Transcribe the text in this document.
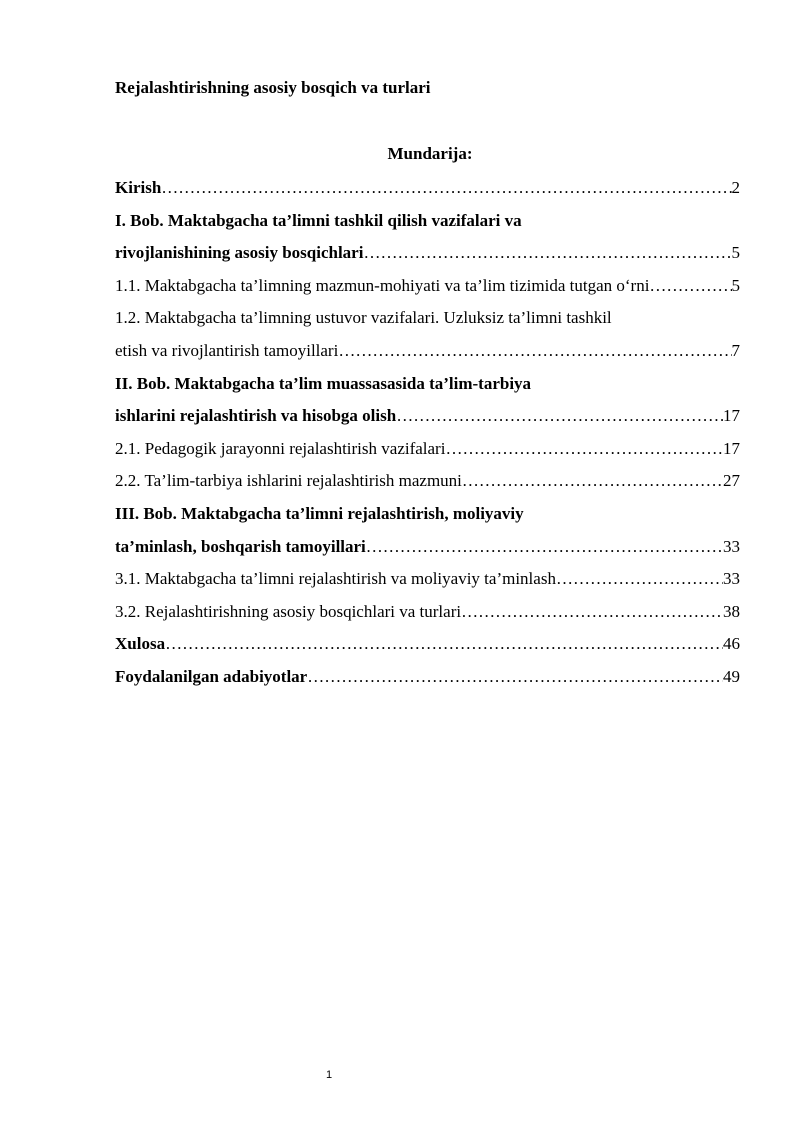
Rejalashtirishning asosiy bosqich va turlari
Mundarija:
Kirish …………………………………………………………………………………………………………………………………………………………………………………………………………	2
I. Bob. Maktabgacha ta’limni tashkil qilish vazifalari va
rivojlanishining asosiy bosqichlari …………………………………………………………………………………………………………………………………………………………………………………………………………	5
1.1. Maktabgacha ta’limning mazmun-mohiyati va ta’lim tizimida tutgan o‘rni …………………………………………………………………………………………………………………………………………………………………………………………………………	5
1.2. Maktabgacha ta’limning ustuvor vazifalari. Uzluksiz ta’limni tashkil
etish va rivojlantirish tamoyillari …………………………………………………………………………………………………………………………………………………………………………………………………………	7
II. Bob. Maktabgacha ta’lim muassasasida ta’lim-tarbiya
ishlarini rejalashtirish va hisobga olish …………………………………………………………………………………………………………………………………………………………………………………………………………	17
2.1. Pedagogik jarayonni rejalashtirish vazifalari …………………………………………………………………………………………………………………………………………………………………………………………………………	17
2.2. Ta’lim-tarbiya ishlarini rejalashtirish mazmuni …………………………………………………………………………………………………………………………………………………………………………………………………………	27
III. Bob. Maktabgacha ta’limni rejalashtirish, moliyaviy
ta’minlash, boshqarish tamoyillari …………………………………………………………………………………………………………………………………………………………………………………………………………	33
3.1. Maktabgacha ta’limni rejalashtirish va moliyaviy ta’minlash …………………………………………………………………………………………………………………………………………………………………………………………………………	33
3.2. Rejalashtirishning asosiy bosqichlari va turlari …………………………………………………………………………………………………………………………………………………………………………………………………………	38
Xulosa …………………………………………………………………………………………………………………………………………………………………………………………………………	46
Foydalanilgan adabiyotlar …………………………………………………………………………………………………………………………………………………………………………………………………………	49
1
